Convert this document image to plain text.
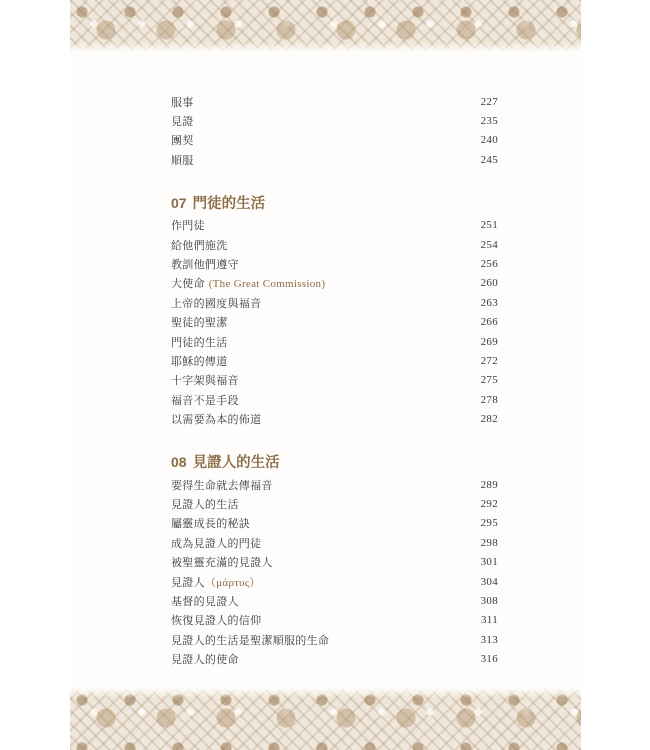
服事	227
見證	235
團契	240
順服	245
07 門徒的生活
作門徒	251
給他們施洗	254
教訓他們遵守	256
大使命 (The Great Commission)	260
上帝的國度與福音	263
聖徒的聖潔	266
門徒的生活	269
耶穌的傳道	272
十字架與福音	275
福音不是手段	278
以需要為本的佈道	282
08 見證人的生活
要得生命就去傳福音	289
見證人的生活	292
屬靈成長的秘訣	295
成為見證人的門徒	298
被聖靈充滿的見證人	301
見證人（μάρτυς）	304
基督的見證人	308
恢復見證人的信仰	311
見證人的生活是聖潔順服的生命	313
見證人的使命	316
